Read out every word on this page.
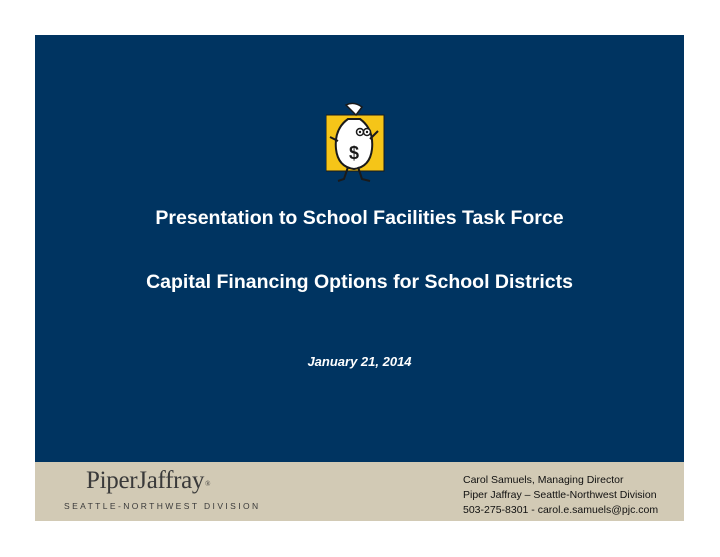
$
Presentation to School Facilities Task Force
Capital Financing Options for School Districts
January 21, 2014
PiperJaffray®
SEATTLE-NORTHWEST DIVISION
Carol Samuels, Managing Director
Piper Jaffray – Seattle-Northwest Division
503-275-8301 - carol.e.samuels@pjc.com
